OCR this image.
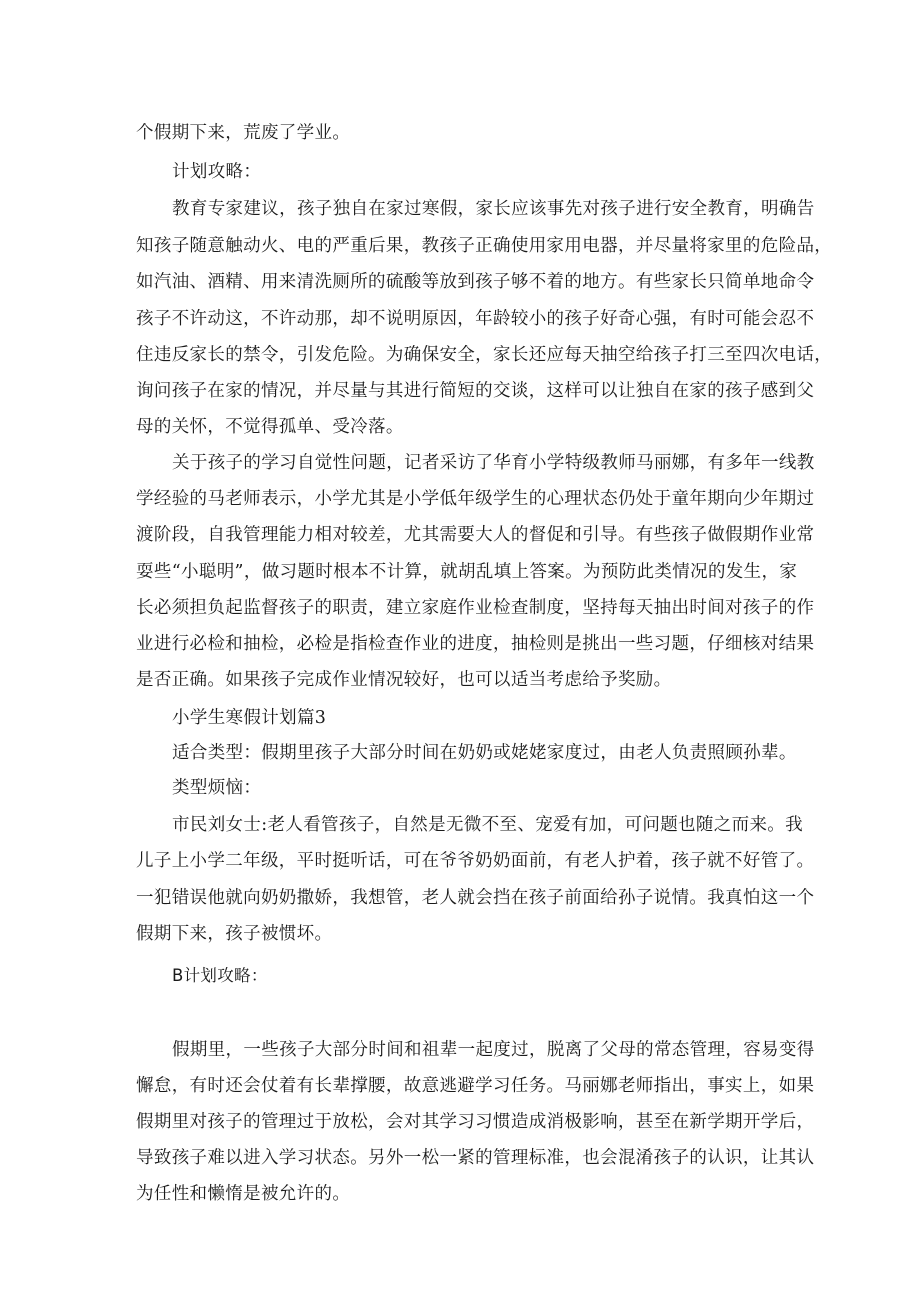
个假期下来，荒废了学业。
计划攻略：
教育专家建议，孩子独自在家过寒假，家长应该事先对孩子进行安全教育，明确告
知孩子随意触动火、电的严重后果，教孩子正确使用家用电器，并尽量将家里的危险品，
如汽油、酒精、用来清洗厕所的硫酸等放到孩子够不着的地方。有些家长只简单地命令
孩子不许动这，不许动那，却不说明原因，年龄较小的孩子好奇心强，有时可能会忍不
住违反家长的禁令，引发危险。为确保安全，家长还应每天抽空给孩子打三至四次电话，
询问孩子在家的情况，并尽量与其进行简短的交谈，这样可以让独自在家的孩子感到父
母的关怀，不觉得孤单、受冷落。
关于孩子的学习自觉性问题，记者采访了华育小学特级教师马丽娜，有多年一线教
学经验的马老师表示，小学尤其是小学低年级学生的心理状态仍处于童年期向少年期过
渡阶段，自我管理能力相对较差，尤其需要大人的督促和引导。有些孩子做假期作业常
耍些“小聪明”，做习题时根本不计算，就胡乱填上答案。为预防此类情况的发生，家
长必须担负起监督孩子的职责，建立家庭作业检查制度，坚持每天抽出时间对孩子的作
业进行必检和抽检，必检是指检查作业的进度，抽检则是挑出一些习题，仔细核对结果
是否正确。如果孩子完成作业情况较好，也可以适当考虑给予奖励。
小学生寒假计划篇3
适合类型：假期里孩子大部分时间在奶奶或姥姥家度过，由老人负责照顾孙辈。
类型烦恼：
市民刘女士:老人看管孩子，自然是无微不至、宠爱有加，可问题也随之而来。我
儿子上小学二年级，平时挺听话，可在爷爷奶奶面前，有老人护着，孩子就不好管了。
一犯错误他就向奶奶撒娇，我想管，老人就会挡在孩子前面给孙子说情。我真怕这一个
假期下来，孩子被惯坏。
B计划攻略：
假期里，一些孩子大部分时间和祖辈一起度过，脱离了父母的常态管理，容易变得
懈怠，有时还会仗着有长辈撑腰，故意逃避学习任务。马丽娜老师指出，事实上，如果
假期里对孩子的管理过于放松，会对其学习习惯造成消极影响，甚至在新学期开学后，
导致孩子难以进入学习状态。另外一松一紧的管理标准，也会混淆孩子的认识，让其认
为任性和懒惰是被允许的。
